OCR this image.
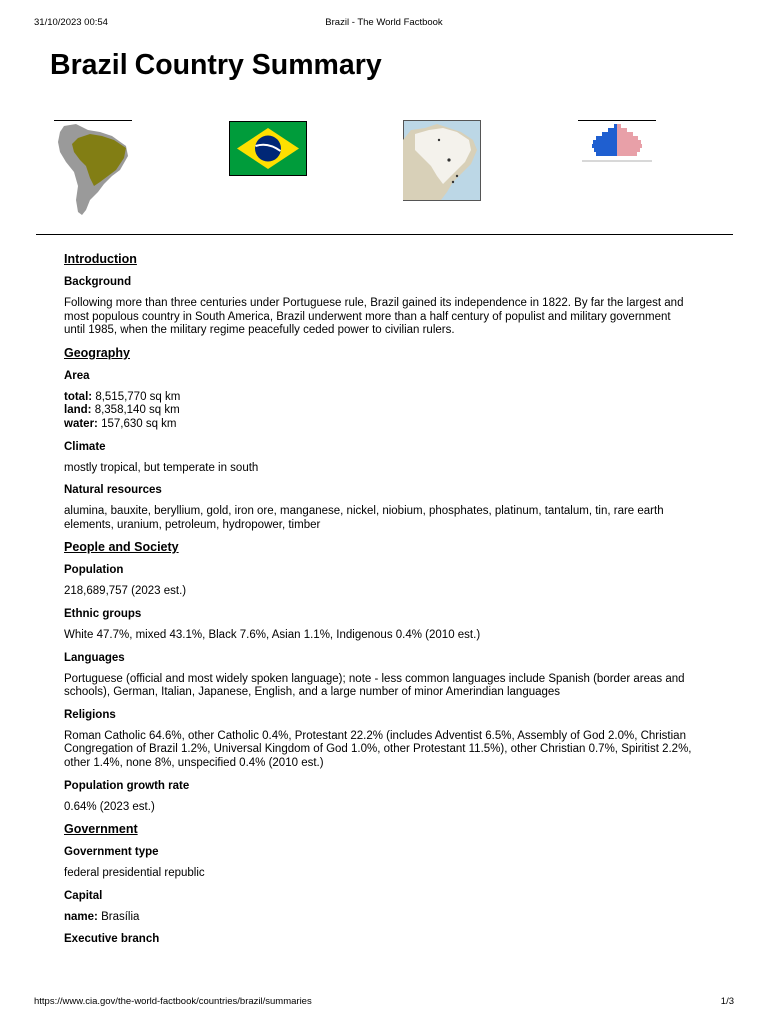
31/10/2023 00:54	Brazil - The World Factbook
Brazil Country Summary
Introduction
Background

Following more than three centuries under Portuguese rule, Brazil gained its independence in 1822. By far the largest and most populous country in South America, Brazil underwent more than a half century of populist and military government until 1985, when the military regime peacefully ceded power to civilian rulers.

Geography
Area
total: 8,515,770 sq km
land: 8,358,140 sq km
water: 157,630 sq km
Climate

mostly tropical, but temperate in south

Natural resources

alumina, bauxite, beryllium, gold, iron ore, manganese, nickel, niobium, phosphates, platinum, tantalum, tin, rare earth elements, uranium, petroleum, hydropower, timber

People and Society
Population

218,689,757 (2023 est.)

Ethnic groups

White 47.7%, mixed 43.1%, Black 7.6%, Asian 1.1%, Indigenous 0.4% (2010 est.)

Languages

Portuguese (official and most widely spoken language); note - less common languages include Spanish (border areas and schools), German, Italian, Japanese, English, and a large number of minor Amerindian languages

Religions

Roman Catholic 64.6%, other Catholic 0.4%, Protestant 22.2% (includes Adventist 6.5%, Assembly of God 2.0%, Christian Congregation of Brazil 1.2%, Universal Kingdom of God 1.0%, other Protestant 11.5%), other Christian 0.7%, Spiritist 2.2%, other 1.4%, none 8%, unspecified 0.4% (2010 est.)

Population growth rate

0.64% (2023 est.)

Government
Government type

federal presidential republic

Capital
name: Brasília
Executive branch
https://www.cia.gov/the-world-factbook/countries/brazil/summaries	1/3
